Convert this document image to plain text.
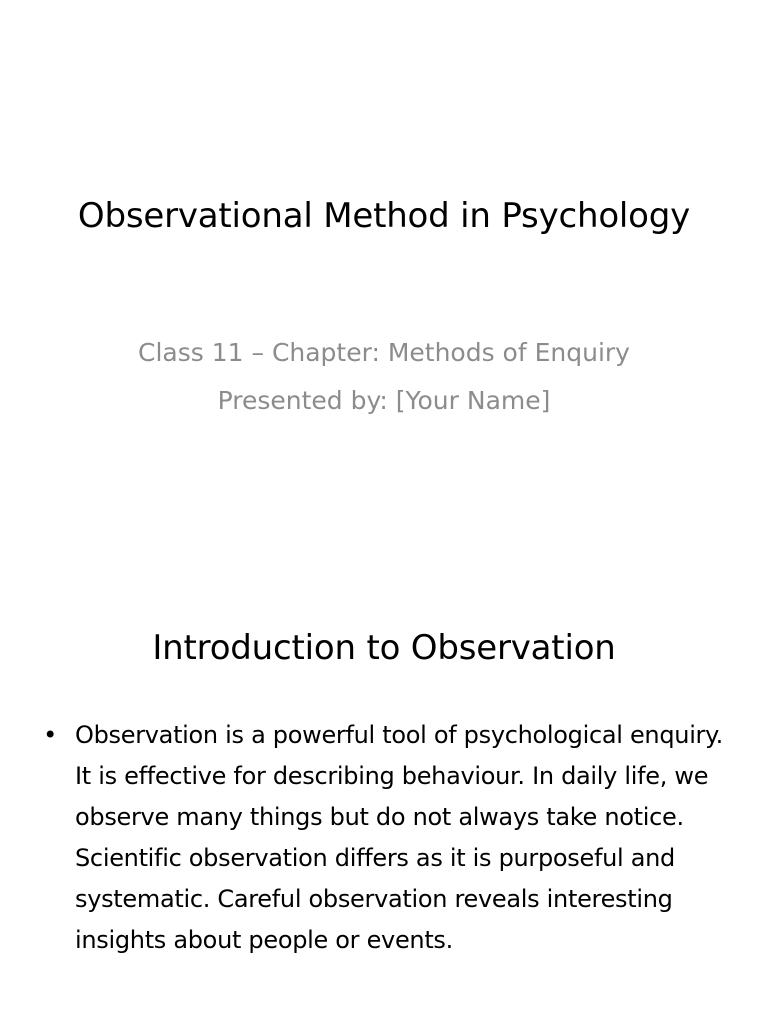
Observational Method in Psychology
Class 11 – Chapter: Methods of Enquiry
Presented by: [Your Name]
Introduction to Observation
• Observation is a powerful tool of psychological enquiry. It is effective for describing behaviour. In daily life, we observe many things but do not always take notice. Scientific observation differs as it is purposeful and systematic. Careful observation reveals interesting insights about people or events.
